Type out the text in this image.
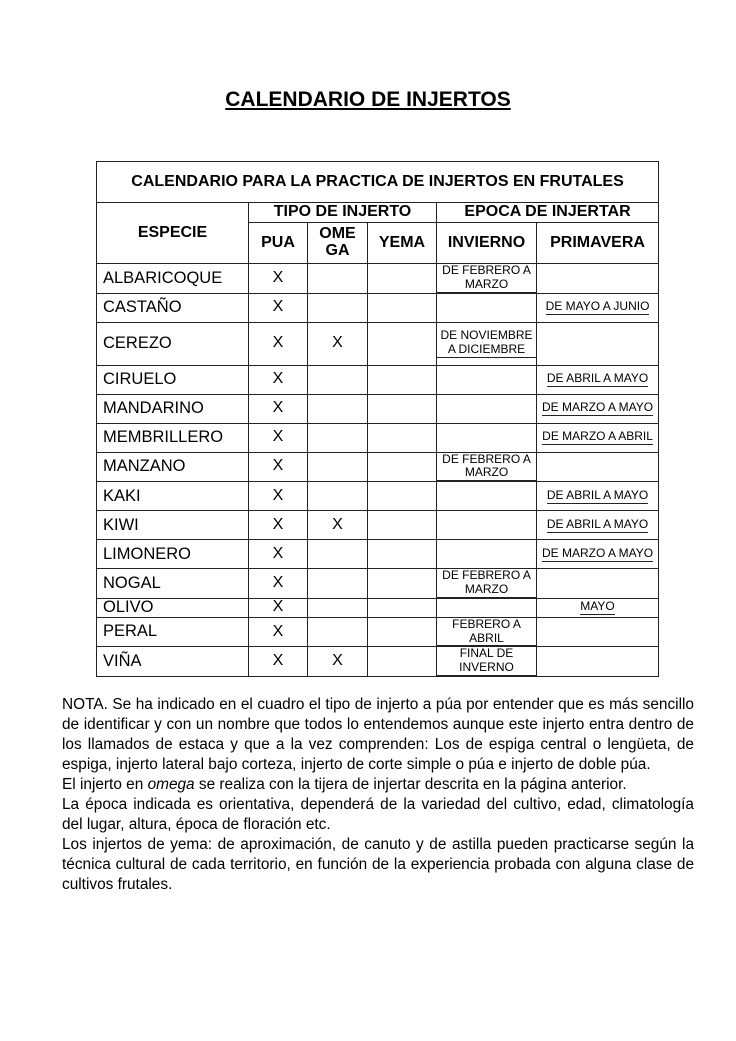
CALENDARIO DE INJERTOS
CALENDARIO PARA LA PRACTICA DE INJERTOS EN FRUTALES					
ESPECIE	TIPO DE INJERTO			EPOCA DE INJERTAR	
	PUA	OME GA	YEMA	INVIERNO	PRIMAVERA
ALBARICOQUE	X			DE FEBRERO A MARZO	
CASTAÑO	X				DE MAYO A JUNIO
CEREZO	X	X		DE NOVIEMBRE A DICIEMBRE	
CIRUELO	X				DE ABRIL A MAYO
MANDARINO	X				DE MARZO A MAYO
MEMBRILLERO	X				DE MARZO A ABRIL
MANZANO	X			DE FEBRERO A MARZO	
KAKI	X				DE ABRIL A MAYO
KIWI	X	X			DE ABRIL A MAYO
LIMONERO	X				DE MARZO A MAYO
NOGAL	X			DE FEBRERO A MARZO	
OLIVO	X				MAYO
PERAL	X			FEBRERO A ABRIL	
VIÑA	X	X		FINAL DE INVERNO	

NOTA. Se ha indicado en el cuadro el tipo de injerto a púa por entender que es más sencillo de identificar y con un nombre que todos lo entendemos aunque este injerto entra dentro de los llamados de estaca y que a la vez comprenden: Los de espiga central o lengüeta, de espiga, injerto lateral bajo corteza, injerto de corte simple o púa e injerto de doble púa.

El injerto en omega se realiza con la tijera de injertar descrita en la página anterior.

La época indicada es orientativa, dependerá de la variedad del cultivo, edad, climatología del lugar, altura, época de floración etc.

Los injertos de yema: de aproximación, de canuto y de astilla pueden practicarse según la técnica cultural de cada territorio, en función de la experiencia probada con alguna clase de cultivos frutales.
